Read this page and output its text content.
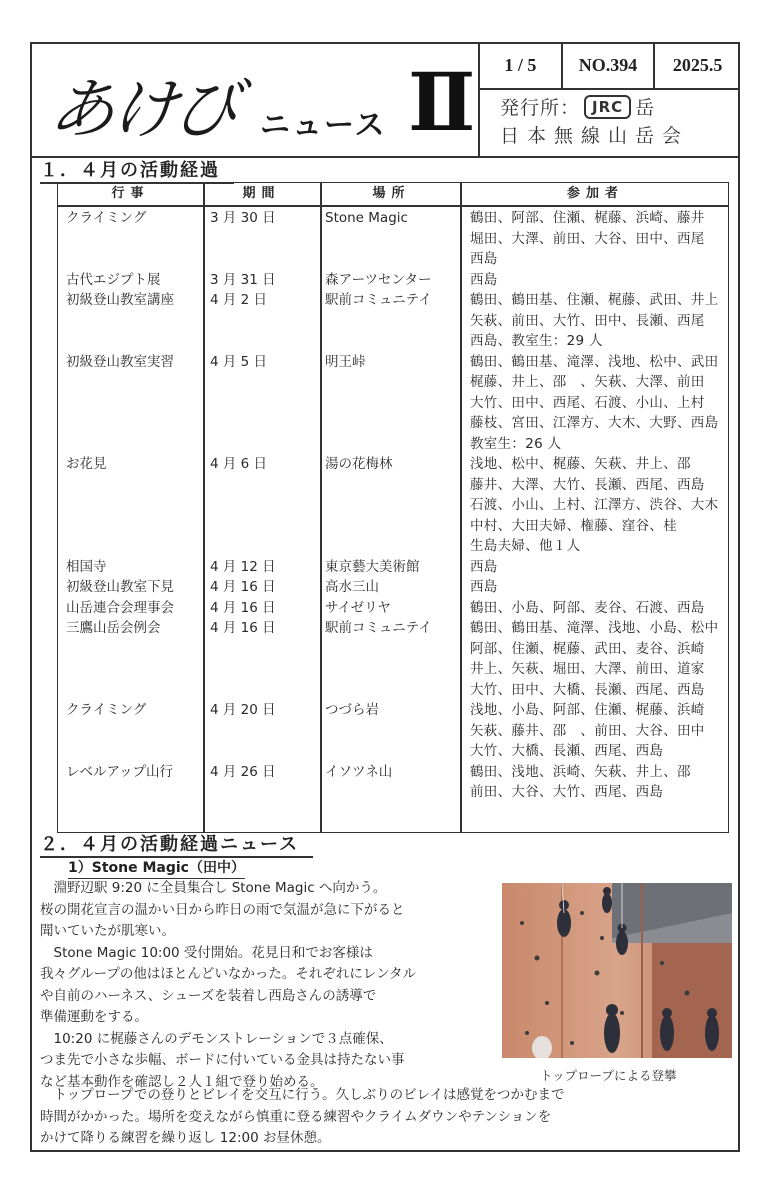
あけび ニュース Ⅱ	1 / 5	NO.394	2025.5
発行所： JRC 岳
日本無線山岳会
１．４月の活動経過
行事	期間	場所	参加者
クライミング	3 月 30 日	Stone Magic	鶴田、阿部、住瀬、梶藤、浜崎、藤井
堀田、大澤、前田、大谷、田中、西尾
西島
古代エジプト展	3 月 31 日	森アーツセンター	西島
初級登山教室講座	4 月 2 日	駅前コミュニテイ	鶴田、鶴田基、住瀬、梶藤、武田、井上
矢萩、前田、大竹、田中、長瀬、西尾
西島、教室生：29 人
初級登山教室実習	4 月 5 日	明王峠	鶴田、鶴田基、滝澤、浅地、松中、武田
梶藤、井上、邵　、矢萩、大澤、前田
大竹、田中、西尾、石渡、小山、上村
藤枝、宮田、江澤方、大木、大野、西島
教室生：26 人
お花見	4 月 6 日	湯の花梅林	浅地、松中、梶藤、矢萩、井上、邵
藤井、大澤、大竹、長瀬、西尾、西島
石渡、小山、上村、江澤方、渋谷、大木
中村、大田夫婦、権藤、窪谷、桂
生島夫婦、他１人
相国寺	4 月 12 日	東京藝大美術館	西島
初級登山教室下見	4 月 16 日	高水三山	西島
山岳連合会理事会	4 月 16 日	サイゼリヤ	鶴田、小島、阿部、麦谷、石渡、西島
三鷹山岳会例会	4 月 16 日	駅前コミュニテイ	鶴田、鶴田基、滝澤、浅地、小島、松中
阿部、住瀬、梶藤、武田、麦谷、浜崎
井上、矢萩、堀田、大澤、前田、道家
大竹、田中、大橋、長瀬、西尾、西島
クライミング	4 月 20 日	つづら岩	浅地、小島、阿部、住瀬、梶藤、浜崎
矢萩、藤井、邵　、前田、大谷、田中
大竹、大橋、長瀬、西尾、西島
レベルアップ山行	4 月 26 日	イソツネ山	鶴田、浅地、浜崎、矢萩、井上、邵
前田、大谷、大竹、西尾、西島
２．４月の活動経過ニュース
1）Stone Magic（田中）

　淵野辺駅 9:20 に全員集合し Stone Magic へ向かう。

桜の開花宣言の温かい日から昨日の雨で気温が急に下がると

聞いていたが肌寒い。

　Stone Magic 10:00 受付開始。花見日和でお客様は

我々グループの他はほとんどいなかった。それぞれにレンタル

や自前のハーネス、シューズを装着し西島さんの誘導で

準備運動をする。

　10:20 に梶藤さんのデモンストレーションで３点確保、

つま先で小さな歩幅、ボードに付いている金具は持たない事

など基本動作を確認し２人１組で登り始める。

　トップロープでの登りとビレイを交互に行う。久しぶりのビレイは感覚をつかむまで

時間がかかった。場所を変えながら慎重に登る練習やクライムダウンやテンションを

かけて降りる練習を繰り返し 12:00 お昼休憩。

トップロープによる登攀
